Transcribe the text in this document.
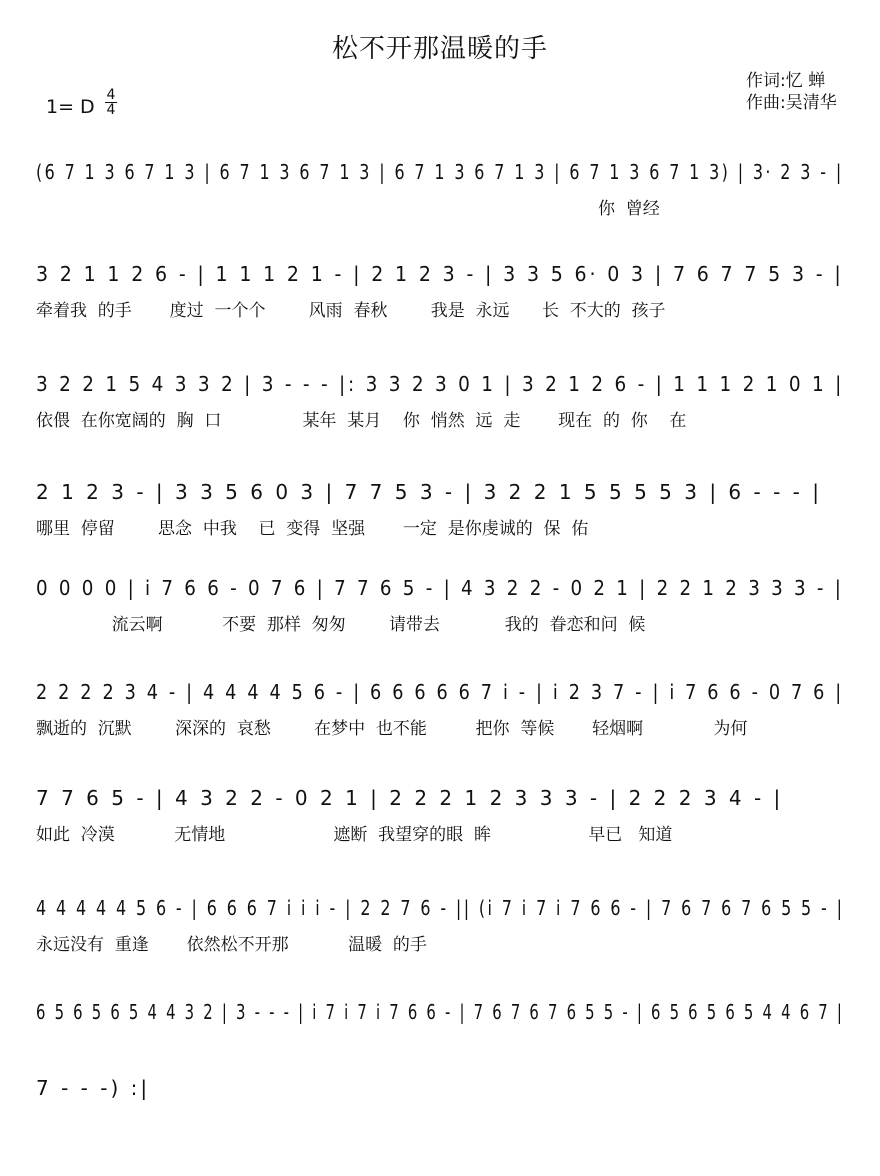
松不开那温暖的手
1= D
4
4
作词:忆 蝉
作曲:吴清华
(6 7 1 3 6 7 1 3 | 6 7 1 3 6 7 1 3 | 6 7 1 3 6 7 1 3 | 6 7 1 3 6 7 1 3) | 3· 2 3 - |
你  曾经
3 2 1 1 2 6 - | 1 1 1 2 1 - | 2 1 2 3 - | 3 3 5 6· 0 3 | 7 6 7 7 5 3 - |
牵着我  的手       度过  一个个        风雨  春秋        我是  永远      长  不大的  孩子
3 2 2 1 5 4 3 3 2 | 3 - - - |: 3 3 2 3 0 1 | 3 2 1 2 6 - | 1 1 1 2 1 0 1 |
依偎  在你宽阔的  胸  口               某年  某月    你  悄然  远  走       现在  的  你    在
2 1 2 3 - | 3 3 5 6 0 3 | 7 7 5 3 - | 3 2 2 1 5 5 5 5 3 | 6 - - - |
哪里  停留        思念  中我    已  变得  坚强       一定  是你虔诚的  保  佑
0 0 0 0 | i 7 6 6 - 0 7 6 | 7 7 6 5 - | 4 3 2 2 - 0 2 1 | 2 2 1 2 3 3 3 - |
流云啊           不要  那样  匆匆        请带去            我的  眷恋和问  候
2 2 2 2 3 4 - | 4 4 4 4 5 6 - | 6 6 6 6 6 7 i - | i 2 3 7 - | i 7 6 6 - 0 7 6 |
飘逝的  沉默        深深的  哀愁        在梦中  也不能         把你  等候       轻烟啊             为何
7 7 6 5 - | 4 3 2 2 - 0 2 1 | 2 2 2 1 2 3 3 3 - | 2 2 2 3 4 - |
如此  冷漠           无情地                    遮断  我望穿的眼  眸                  早已   知道
4 4 4 4 4 5 6 - | 6 6 6 7 i i i - | 2 2 7 6 - || (i 7 i 7 i 7 6 6 - | 7 6 7 6 7 6 5 5 - |
永远没有  重逢       依然松不开那           温暖  的手
6 5 6 5 6 5 4 4 3 2 | 3 - - - | i 7 i 7 i 7 6 6 - | 7 6 7 6 7 6 5 5 - | 6 5 6 5 6 5 4 4 6 7 |
7 - - -) :|
